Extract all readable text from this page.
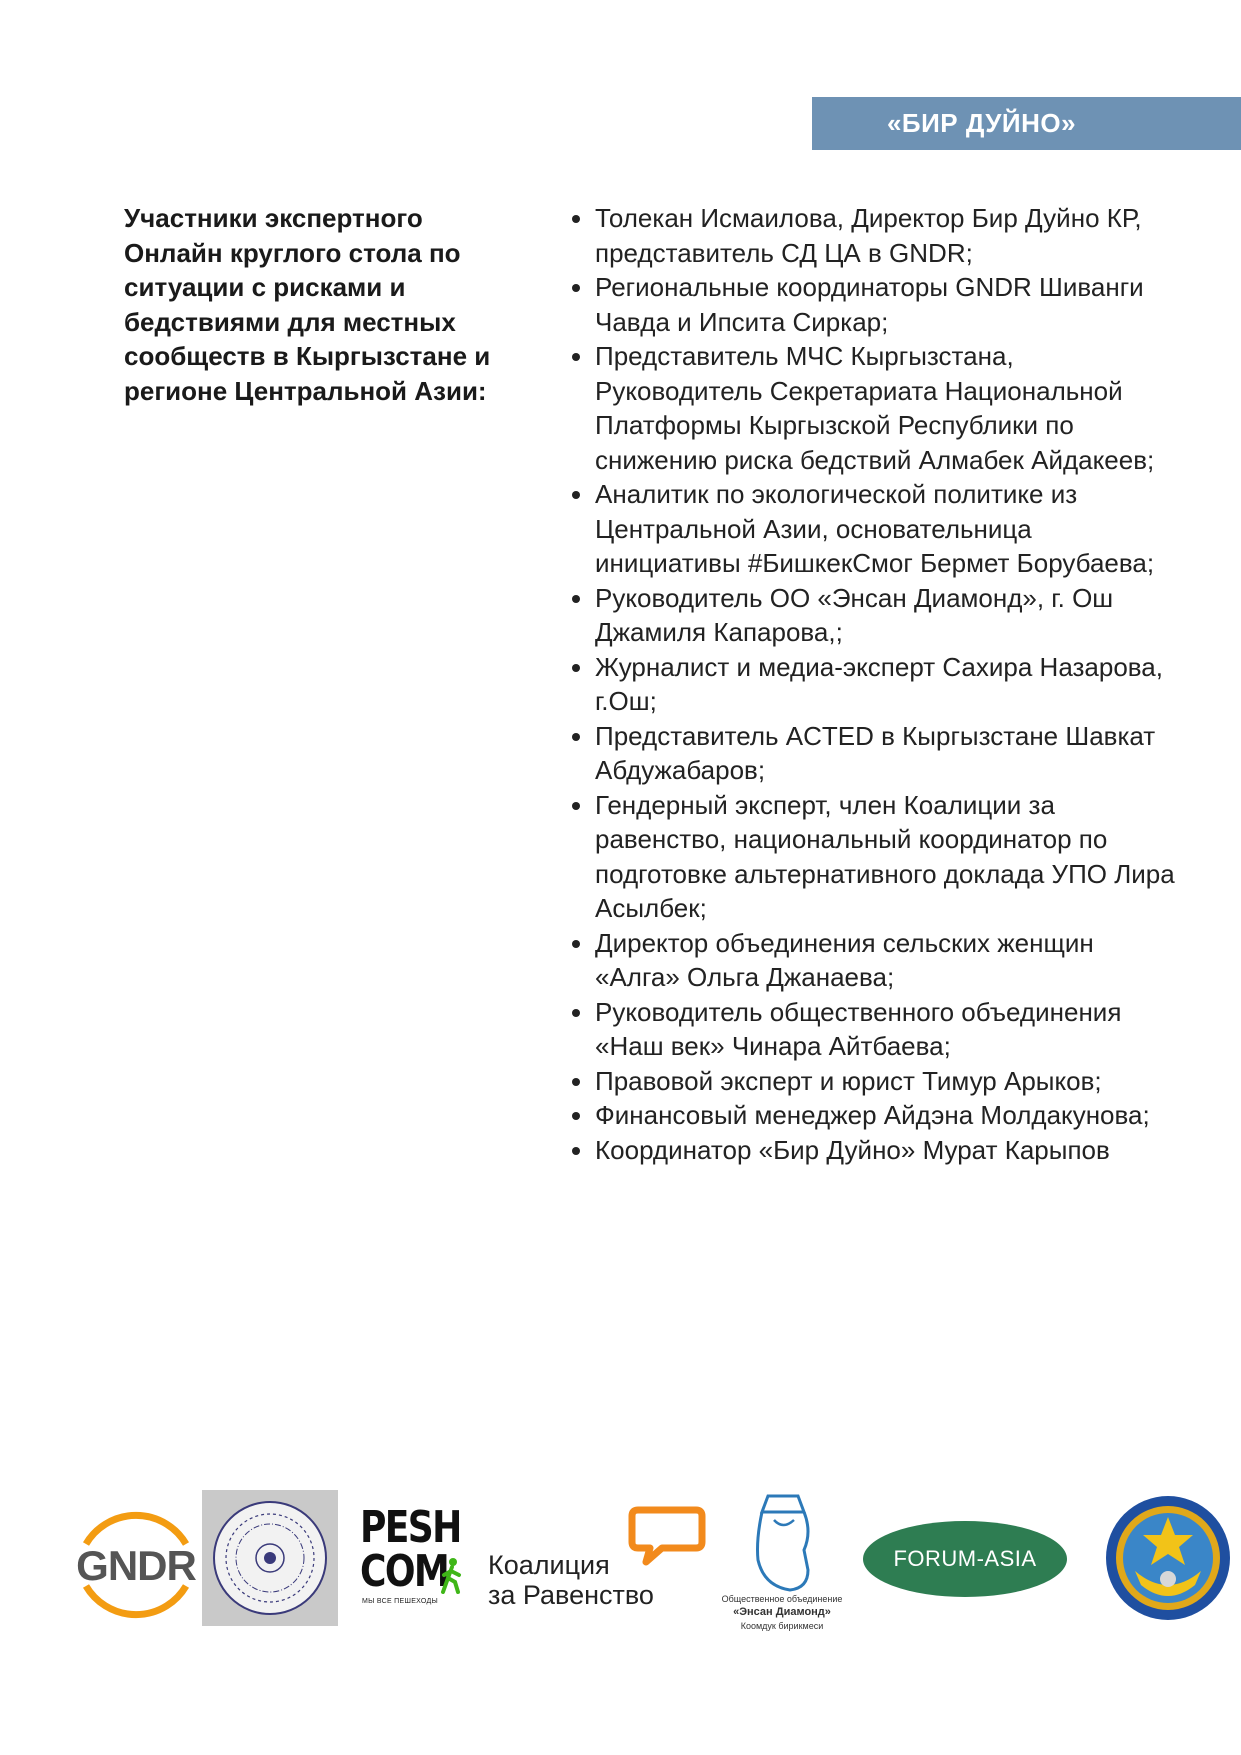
«БИР ДУЙНО»
Участники экспертного Онлайн круглого стола по ситуации с рисками и бедствиями для местных сообществ в Кыргызстане и регионе Центральной Азии:
• Толекан Исмаилова, Директор Бир Дуйно КР, представитель СД ЦА в GNDR;
• Региональные координаторы GNDR Шиванги Чавда и Ипсита Сиркар;
• Представитель МЧС Кыргызстана, Руководитель Секретариата Национальной Платформы Кыргызской Республики по снижению риска бедствий Алмабек Айдакеев;
• Аналитик по экологической политике из Центральной Азии, основательница инициативы #БишкекСмог Бермет Борубаева;
• Руководитель ОО «Энсан Диамонд», г. Ош Джамиля Капарова,;
• Журналист и медиа-эксперт Сахира Назарова, г.Ош;
• Представитель ACTED в Кыргызстане Шавкат Абдужабаров;
• Гендерный эксперт, член Коалиции за равенство, национальный координатор по подготовке альтернативного доклада УПО Лира Асылбек;
• Директор объединения сельских женщин «Алга» Ольга Джанаева;
• Руководитель общественного объединения «Наш век» Чинара Айтбаева;
• Правовой эксперт и юрист Тимур Арыков;
• Финансовый менеджер Айдэна Молдакунова;
• Координатор «Бир Дуйно» Мурат Карыпов
GNDR
PESH
COM
МЫ ВСЕ ПЕШЕХОДЫ
Коалиция
за Равенство	Общественное объединение
«Энсан Диамонд»
Коомдук бирикмеси
FORUM-ASIA
